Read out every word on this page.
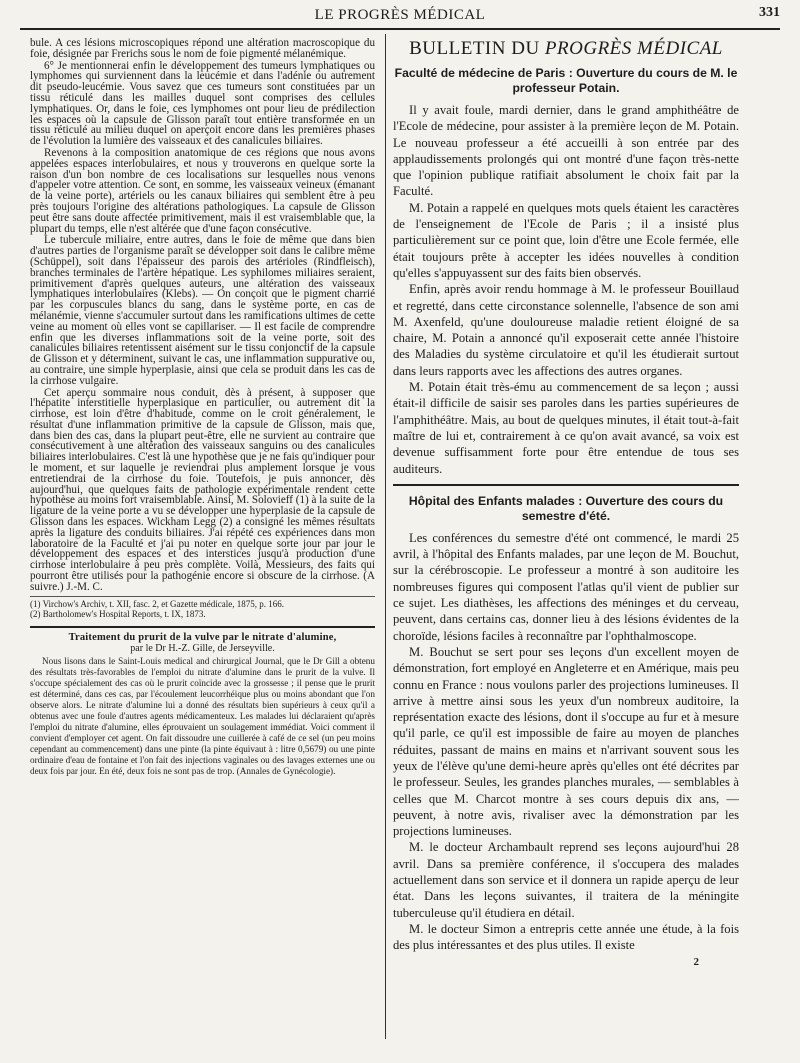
LE PROGRÈS MÉDICAL	331

bule. A ces lésions microscopiques répond une altération macroscopique du foie, désignée par Frerichs sous le nom de foie pigmenté mélanémique.

6° Je mentionnerai enfin le développement des tumeurs lymphatiques ou lymphomes qui surviennent dans la leucémie et dans l'adénie ou autrement dit pseudo-leucémie. Vous savez que ces tumeurs sont constituées par un tissu réticulé dans les mailles duquel sont comprises des cellules lymphatiques. Or, dans le foie, ces lymphomes ont pour lieu de prédilection les espaces où la capsule de Glisson paraît tout entière transformée en un tissu réticulé au milieu duquel on aperçoit encore dans les premières phases de l'évolution la lumière des vaisseaux et des canalicules biliaires.

Revenons à la composition anatomique de ces régions que nous avons appelées espaces interlobulaires, et nous y trouverons en quelque sorte la raison d'un bon nombre de ces localisations sur lesquelles nous venons d'appeler votre attention. Ce sont, en somme, les vaisseaux veineux (émanant de la veine porte), artériels ou les canaux biliaires qui semblent être à peu près toujours l'origine des altérations pathologiques. La capsule de Glisson peut être sans doute affectée primitivement, mais il est vraisemblable que, la plupart du temps, elle n'est altérée que d'une façon consécutive.

Le tubercule miliaire, entre autres, dans le foie de même que dans bien d'autres parties de l'organisme paraît se développer soit dans le calibre même (Schüppel), soit dans l'épaisseur des parois des artérioles (Rindfleisch), branches terminales de l'artère hépatique. Les syphilomes miliaires seraient, primitivement d'après quelques auteurs, une altération des vaisseaux lymphatiques interlobulaires (Klebs). — On conçoit que le pigment charrié par les corpuscules blancs du sang, dans le système porte, en cas de mélanémie, vienne s'accumuler surtout dans les ramifications ultimes de cette veine au moment où elles vont se capillariser. — Il est facile de comprendre enfin que les diverses inflammations soit de la veine porte, soit des canalicules biliaires retentissent aisément sur le tissu conjonctif de la capsule de Glisson et y déterminent, suivant le cas, une inflammation suppurative ou, au contraire, une simple hyperplasie, ainsi que cela se produit dans les cas de la cirrhose vulgaire.

Cet aperçu sommaire nous conduit, dès à présent, à supposer que l'hépatite interstitielle hyperplasique en particulier, ou autrement dit la cirrhose, est loin d'être d'habitude, comme on le croit généralement, le résultat d'une inflammation primitive de la capsule de Glisson, mais que, dans bien des cas, dans la plupart peut-être, elle ne survient au contraire que consécutivement à une altération des vaisseaux sanguins ou des canalicules biliaires interlobulaires. C'est là une hypothèse que je ne fais qu'indiquer pour le moment, et sur laquelle je reviendrai plus amplement lorsque je vous entretiendrai de la cirrhose du foie. Toutefois, je puis annoncer, dès aujourd'hui, que quelques faits de pathologie expérimentale rendent cette hypothèse au moins fort vraisemblable. Ainsi, M. Solovieff (1) à la suite de la ligature de la veine porte a vu se développer une hyperplasie de la capsule de Glisson dans les espaces. Wickham Legg (2) a consigné les mêmes résultats après la ligature des conduits biliaires. J'ai répété ces expériences dans mon laboratoire de la Faculté et j'ai pu noter en quelque sorte jour par jour le développement des espaces et des interstices jusqu'à production d'une cirrhose interlobulaire à peu près complète. Voilà, Messieurs, des faits qui pourront être utilisés pour la pathogénie encore si obscure de la cirrhose. (A suivre.) J.-M. C.

(1) Virchow's Archiv, t. XII, fasc. 2, et Gazette médicale, 1875, p. 166.

(2) Bartholomew's Hospital Reports, t. IX, 1873.

Traitement du prurit de la vulve par le nitrate d'alumine,

par le Dr H.-Z. Gille, de Jerseyville.

Nous lisons dans le Saint-Louis medical and chirurgical Journal, que le Dr Gill a obtenu des résultats très-favorables de l'emploi du nitrate d'alumine dans le prurit de la vulve. Il s'occupe spécialement des cas où le prurit coïncide avec la grossesse ; il pense que le prurit est déterminé, dans ces cas, par l'écoulement leucorrhéique plus ou moins abondant que l'on observe alors. Le nitrate d'alumine lui a donné des résultats bien supérieurs à ceux qu'il a obtenus avec une foule d'autres agents médicamenteux. Les malades lui déclaraient qu'après l'emploi du nitrate d'alumine, elles éprouvaient un soulagement immédiat. Voici comment il convient d'employer cet agent. On fait dissoudre une cuillerée à café de ce sel (un peu moins cependant au commencement) dans une pinte (la pinte équivaut à : litre 0,5679) ou une pinte ordinaire d'eau de fontaine et l'on fait des injections vaginales ou des lavages externes une ou deux fois par jour. En été, deux fois ne sont pas de trop. (Annales de Gynécologie).

BULLETIN DU PROGRÈS MÉDICAL
Faculté de médecine de Paris : Ouverture du cours de M. le professeur Potain.

Il y avait foule, mardi dernier, dans le grand amphithéâtre de l'Ecole de médecine, pour assister à la première leçon de M. Potain. Le nouveau professeur a été accueilli à son entrée par des applaudissements prolongés qui ont montré d'une façon très-nette que l'opinion publique ratifiait absolument le choix fait par la Faculté.

M. Potain a rappelé en quelques mots quels étaient les caractères de l'enseignement de l'Ecole de Paris ; il a insisté plus particulièrement sur ce point que, loin d'être une Ecole fermée, elle était toujours prête à accepter les idées nouvelles à condition qu'elles s'appuyassent sur des faits bien observés.

Enfin, après avoir rendu hommage à M. le professeur Bouillaud et regretté, dans cette circonstance solennelle, l'absence de son ami M. Axenfeld, qu'une douloureuse maladie retient éloigné de sa chaire, M. Potain a annoncé qu'il exposerait cette année l'histoire des Maladies du système circulatoire et qu'il les étudierait surtout dans leurs rapports avec les affections des autres organes.

M. Potain était très-ému au commencement de sa leçon ; aussi était-il difficile de saisir ses paroles dans les parties supérieures de l'amphithéâtre. Mais, au bout de quelques minutes, il était tout-à-fait maître de lui et, contrairement à ce qu'on avait avancé, sa voix est devenue suffisamment forte pour être entendue de tous ses auditeurs.

Hôpital des Enfants malades : Ouverture des cours du semestre d'été.

Les conférences du semestre d'été ont commencé, le mardi 25 avril, à l'hôpital des Enfants malades, par une leçon de M. Bouchut, sur la cérébroscopie. Le professeur a montré à son auditoire les nombreuses figures qui composent l'atlas qu'il vient de publier sur ce sujet. Les diathèses, les affections des méninges et du cerveau, peuvent, dans certains cas, donner lieu à des lésions évidentes de la choroïde, lésions faciles à reconnaître par l'ophthalmoscope.

M. Bouchut se sert pour ses leçons d'un excellent moyen de démonstration, fort employé en Angleterre et en Amérique, mais peu connu en France : nous voulons parler des projections lumineuses. Il arrive à mettre ainsi sous les yeux d'un nombreux auditoire, la représentation exacte des lésions, dont il s'occupe au fur et à mesure qu'il parle, ce qu'il est impossible de faire au moyen de planches réduites, passant de mains en mains et n'arrivant souvent sous les yeux de l'élève qu'une demi-heure après qu'elles ont été décrites par le professeur. Seules, les grandes planches murales, — semblables à celles que M. Charcot montre à ses cours depuis dix ans, — peuvent, à notre avis, rivaliser avec la démonstration par les projections lumineuses.

M. le docteur Archambault reprend ses leçons aujourd'hui 28 avril. Dans sa première conférence, il s'occupera des malades actuellement dans son service et il donnera un rapide aperçu de leur état. Dans les leçons suivantes, il traitera de la méningite tuberculeuse qu'il étudiera en détail.

M. le docteur Simon a entrepris cette année une étude, à la fois des plus intéressantes et des plus utiles. Il existe

2
